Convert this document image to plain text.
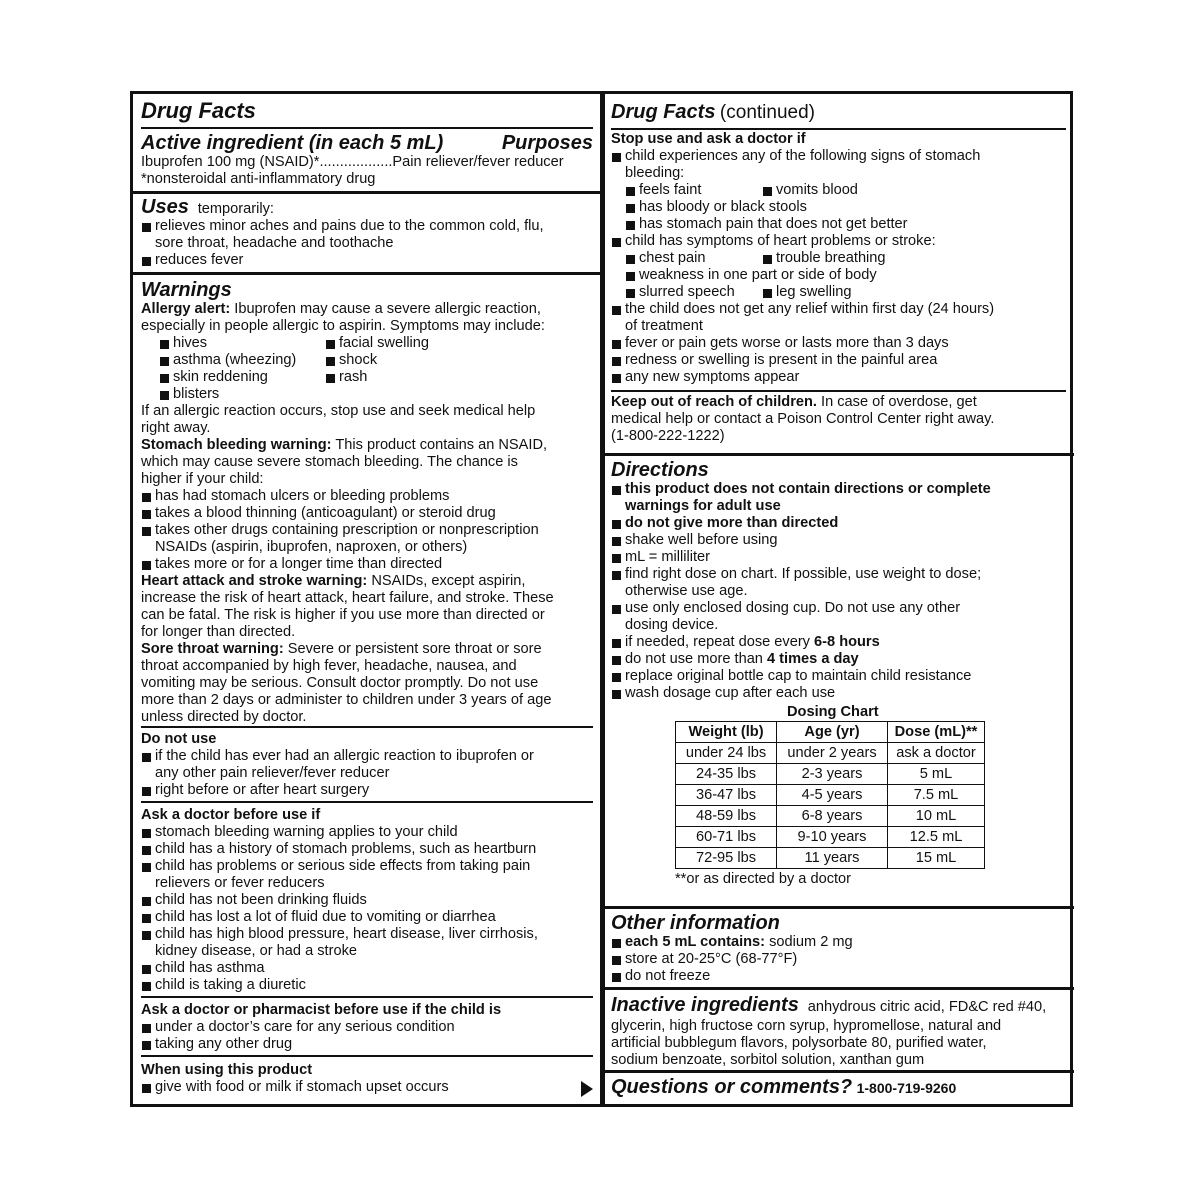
Drug Facts
Active ingredient (in each 5 mL)	Purposes
Ibuprofen 100 mg (NSAID)*..................Pain reliever/fever reducer
*nonsteroidal anti-inflammatory drug
Uses temporarily:
relieves minor aches and pains due to the common cold, flu,
sore throat, headache and toothache
reduces fever
Warnings
Allergy alert: Ibuprofen may cause a severe allergic reaction,
especially in people allergic to aspirin. Symptoms may include:
hives	facial swelling
asthma (wheezing)	shock
skin reddening	rash
blisters
If an allergic reaction occurs, stop use and seek medical help
right away.
Stomach bleeding warning: This product contains an NSAID,
which may cause severe stomach bleeding. The chance is
higher if your child:
has had stomach ulcers or bleeding problems
takes a blood thinning (anticoagulant) or steroid drug
takes other drugs containing prescription or nonprescription
NSAIDs (aspirin, ibuprofen, naproxen, or others)
takes more or for a longer time than directed
Heart attack and stroke warning: NSAIDs, except aspirin,
increase the risk of heart attack, heart failure, and stroke. These
can be fatal. The risk is higher if you use more than directed or
for longer than directed.
Sore throat warning: Severe or persistent sore throat or sore
throat accompanied by high fever, headache, nausea, and
vomiting may be serious. Consult doctor promptly. Do not use
more than 2 days or administer to children under 3 years of age
unless directed by doctor.
Do not use
if the child has ever had an allergic reaction to ibuprofen or
any other pain reliever/fever reducer
right before or after heart surgery
Ask a doctor before use if
stomach bleeding warning applies to your child
child has a history of stomach problems, such as heartburn
child has problems or serious side effects from taking pain
relievers or fever reducers
child has not been drinking fluids
child has lost a lot of fluid due to vomiting or diarrhea
child has high blood pressure, heart disease, liver cirrhosis,
kidney disease, or had a stroke
child has asthma
child is taking a diuretic
Ask a doctor or pharmacist before use if the child is
under a doctor’s care for any serious condition
taking any other drug
When using this product
give with food or milk if stomach upset occurs
Drug Facts (continued)
Stop use and ask a doctor if
child experiences any of the following signs of stomach
bleeding:
feels faint	vomits blood
has bloody or black stools
has stomach pain that does not get better
child has symptoms of heart problems or stroke:
chest pain	trouble breathing
weakness in one part or side of body
slurred speech	leg swelling
the child does not get any relief within first day (24 hours)
of treatment
fever or pain gets worse or lasts more than 3 days
redness or swelling is present in the painful area
any new symptoms appear
Keep out of reach of children. In case of overdose, get
medical help or contact a Poison Control Center right away.
(1-800-222-1222)
Directions
this product does not contain directions or complete
warnings for adult use
do not give more than directed
shake well before using
mL = milliliter
find right dose on chart. If possible, use weight to dose;
otherwise use age.
use only enclosed dosing cup. Do not use any other
dosing device.
if needed, repeat dose every 6-8 hours
do not use more than 4 times a day
replace original bottle cap to maintain child resistance
wash dosage cup after each use
Dosing Chart
Weight (lb)	Age (yr)	Dose (mL)**
under 24 lbs	under 2 years	ask a doctor
24-35 lbs	2-3 years	5 mL
36-47 lbs	4-5 years	7.5 mL
48-59 lbs	6-8 years	10 mL
60-71 lbs	9-10 years	12.5 mL
72-95 lbs	11 years	15 mL
**or as directed by a doctor
Other information
each 5 mL contains: sodium 2 mg
store at 20-25°C (68-77°F)
do not freeze
Inactive ingredients anhydrous citric acid, FD&C red #40,
glycerin, high fructose corn syrup, hypromellose, natural and
artificial bubblegum flavors, polysorbate 80, purified water,
sodium benzoate, sorbitol solution, xanthan gum
Questions or comments? 1-800-719-9260
